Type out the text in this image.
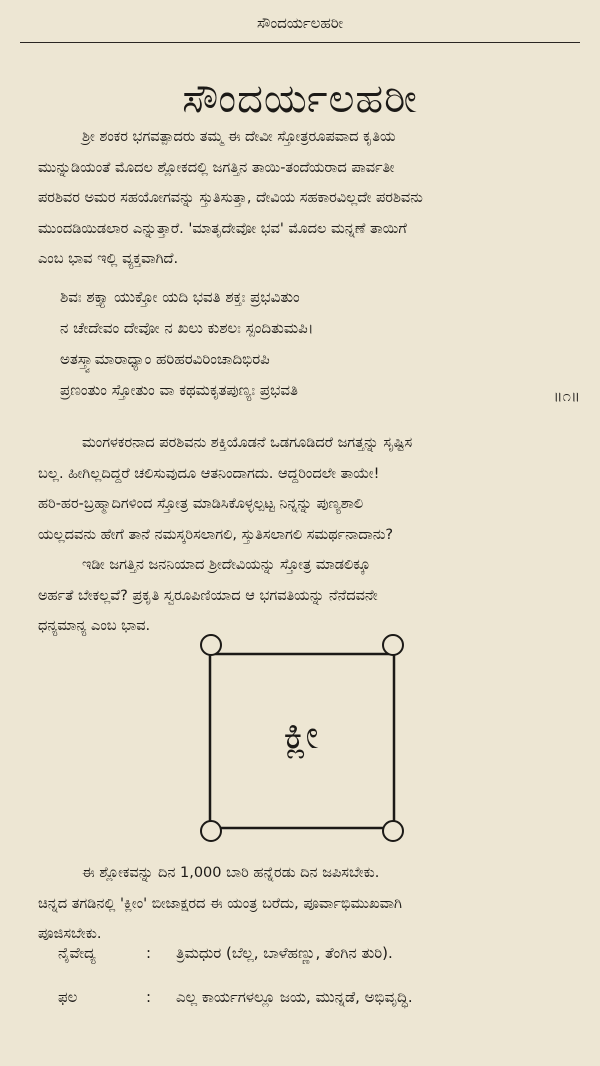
ಸೌಂದರ್ಯಲಹರೀ
ಸೌಂದರ್ಯಲಹರೀ

ಶ್ರೀ ಶಂಕರ ಭಗವತ್ಪಾದರು ತಮ್ಮ ಈ ದೇವೀ ಸ್ತೋತ್ರರೂಪವಾದ ಕೃತಿಯ
ಮುನ್ನುಡಿಯಂತೆ ಮೊದಲ ಶ್ಲೋಕದಲ್ಲಿ ಜಗತ್ತಿನ ತಾಯಿ-ತಂದೆಯರಾದ ಪಾರ್ವತೀ
ಪರಶಿವರ ಅಮರ ಸಹಯೋಗವನ್ನು ಸ್ತುತಿಸುತ್ತಾ, ದೇವಿಯ ಸಹಕಾರವಿಲ್ಲದೇ ಪರಶಿವನು
ಮುಂದಡಿಯಿಡಲಾರ ಎನ್ನುತ್ತಾರೆ. 'ಮಾತೃದೇವೋ ಭವ' ಮೊದಲ ಮನ್ನಣೆ ತಾಯಿಗೆ
ಎಂಬ ಭಾವ ಇಲ್ಲಿ ವ್ಯಕ್ತವಾಗಿದೆ.

ಶಿವಃ ಶಕ್ತ್ಯಾ ಯುಕ್ತೋ ಯದಿ ಭವತಿ ಶಕ್ತಃ ಪ್ರಭವಿತುಂ
ನ ಚೇದೇವಂ ದೇವೋ ನ ಖಲು ಕುಶಲಃ ಸ್ಪಂದಿತುಮಪಿ।
ಅತಸ್ತ್ವಾಮಾರಾಧ್ಯಾಂ ಹರಿಹರವಿರಿಂಚಾದಿಭಿರಪಿ
ಪ್ರಣಂತುಂ ಸ್ತೋತುಂ ವಾ ಕಥಮಕೃತಪುಣ್ಯಃ ಪ್ರಭವತಿ	॥೧॥

ಮಂಗಳಕರನಾದ ಪರಶಿವನು ಶಕ್ತಿಯೊಡನೆ ಒಡಗೂಡಿದರೆ ಜಗತ್ತನ್ನು ಸೃಷ್ಟಿಸ
ಬಲ್ಲ. ಹೀಗಿಲ್ಲದಿದ್ದರೆ ಚಲಿಸುವುದೂ ಆತನಿಂದಾಗದು. ಆದ್ದರಿಂದಲೇ ತಾಯೇ!
ಹರಿ-ಹರ-ಬ್ರಹ್ಮಾದಿಗಳಿಂದ ಸ್ತೋತ್ರ ಮಾಡಿಸಿಕೊಳ್ಳಲ್ಪಟ್ಟ ನಿನ್ನನ್ನು ಪುಣ್ಯಶಾಲಿ
ಯಲ್ಲದವನು ಹೇಗೆ ತಾನೆ ನಮಸ್ಕರಿಸಲಾಗಲಿ, ಸ್ತುತಿಸಲಾಗಲಿ ಸಮರ್ಥನಾದಾನು?

ಇಡೀ ಜಗತ್ತಿನ ಜನನಿಯಾದ ಶ್ರೀದೇವಿಯನ್ನು ಸ್ತೋತ್ರ ಮಾಡಲಿಕ್ಕೂ
ಅರ್ಹತೆ ಬೇಕಲ್ಲವೆ? ಪ್ರಕೃತಿ ಸ್ವರೂಪಿಣಿಯಾದ ಆ ಭಗವತಿಯನ್ನು ನೆನೆದವನೇ
ಧನ್ಯಮಾನ್ಯ ಎಂಬ ಭಾವ.

ಕ್ಲೀ

ಈ ಶ್ಲೋಕವನ್ನು ದಿನ 1,000 ಬಾರಿ ಹನ್ನೆರಡು ದಿನ ಜಪಿಸಬೇಕು.
ಚಿನ್ನದ ತಗಡಿನಲ್ಲಿ 'ಕ್ಲೀಂ' ಬೀಜಾಕ್ಷರದ ಈ ಯಂತ್ರ ಬರೆದು, ಪೂರ್ವಾಭಿಮುಖವಾಗಿ
ಪೂಜಿಸಬೇಕು.

ನೈವೇದ್ಯ	: ತ್ರಿಮಧುರ (ಬೆಲ್ಲ, ಬಾಳೆಹಣ್ಣು, ತೆಂಗಿನ ತುರಿ).
ಫಲ	: ಎಲ್ಲ ಕಾರ್ಯಗಳಲ್ಲೂ ಜಯ, ಮುನ್ನಡೆ, ಅಭಿವೃದ್ಧಿ.
